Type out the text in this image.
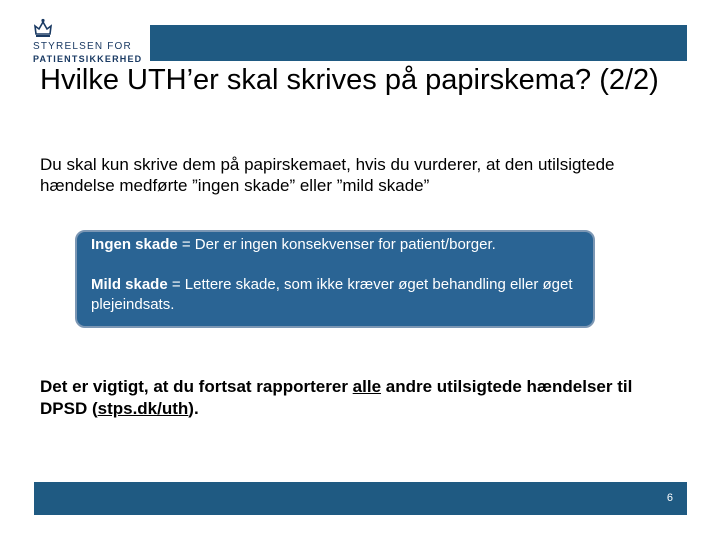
STYRELSEN FOR
PATIENTSIKKERHED
Hvilke UTH’er skal skrives på papirskema? (2/2)
Du skal kun skrive dem på papirskemaet, hvis du vurderer, at den utilsigtede hændelse medførte ”ingen skade” eller ”mild skade”

Ingen skade = Der er ingen konsekvenser for patient/borger.

Mild skade = Lettere skade, som ikke kræver øget behandling eller øget plejeindsats.

Det er vigtigt, at du fortsat rapporterer alle andre utilsigtede hændelser til DPSD (stps.dk/uth).
6
